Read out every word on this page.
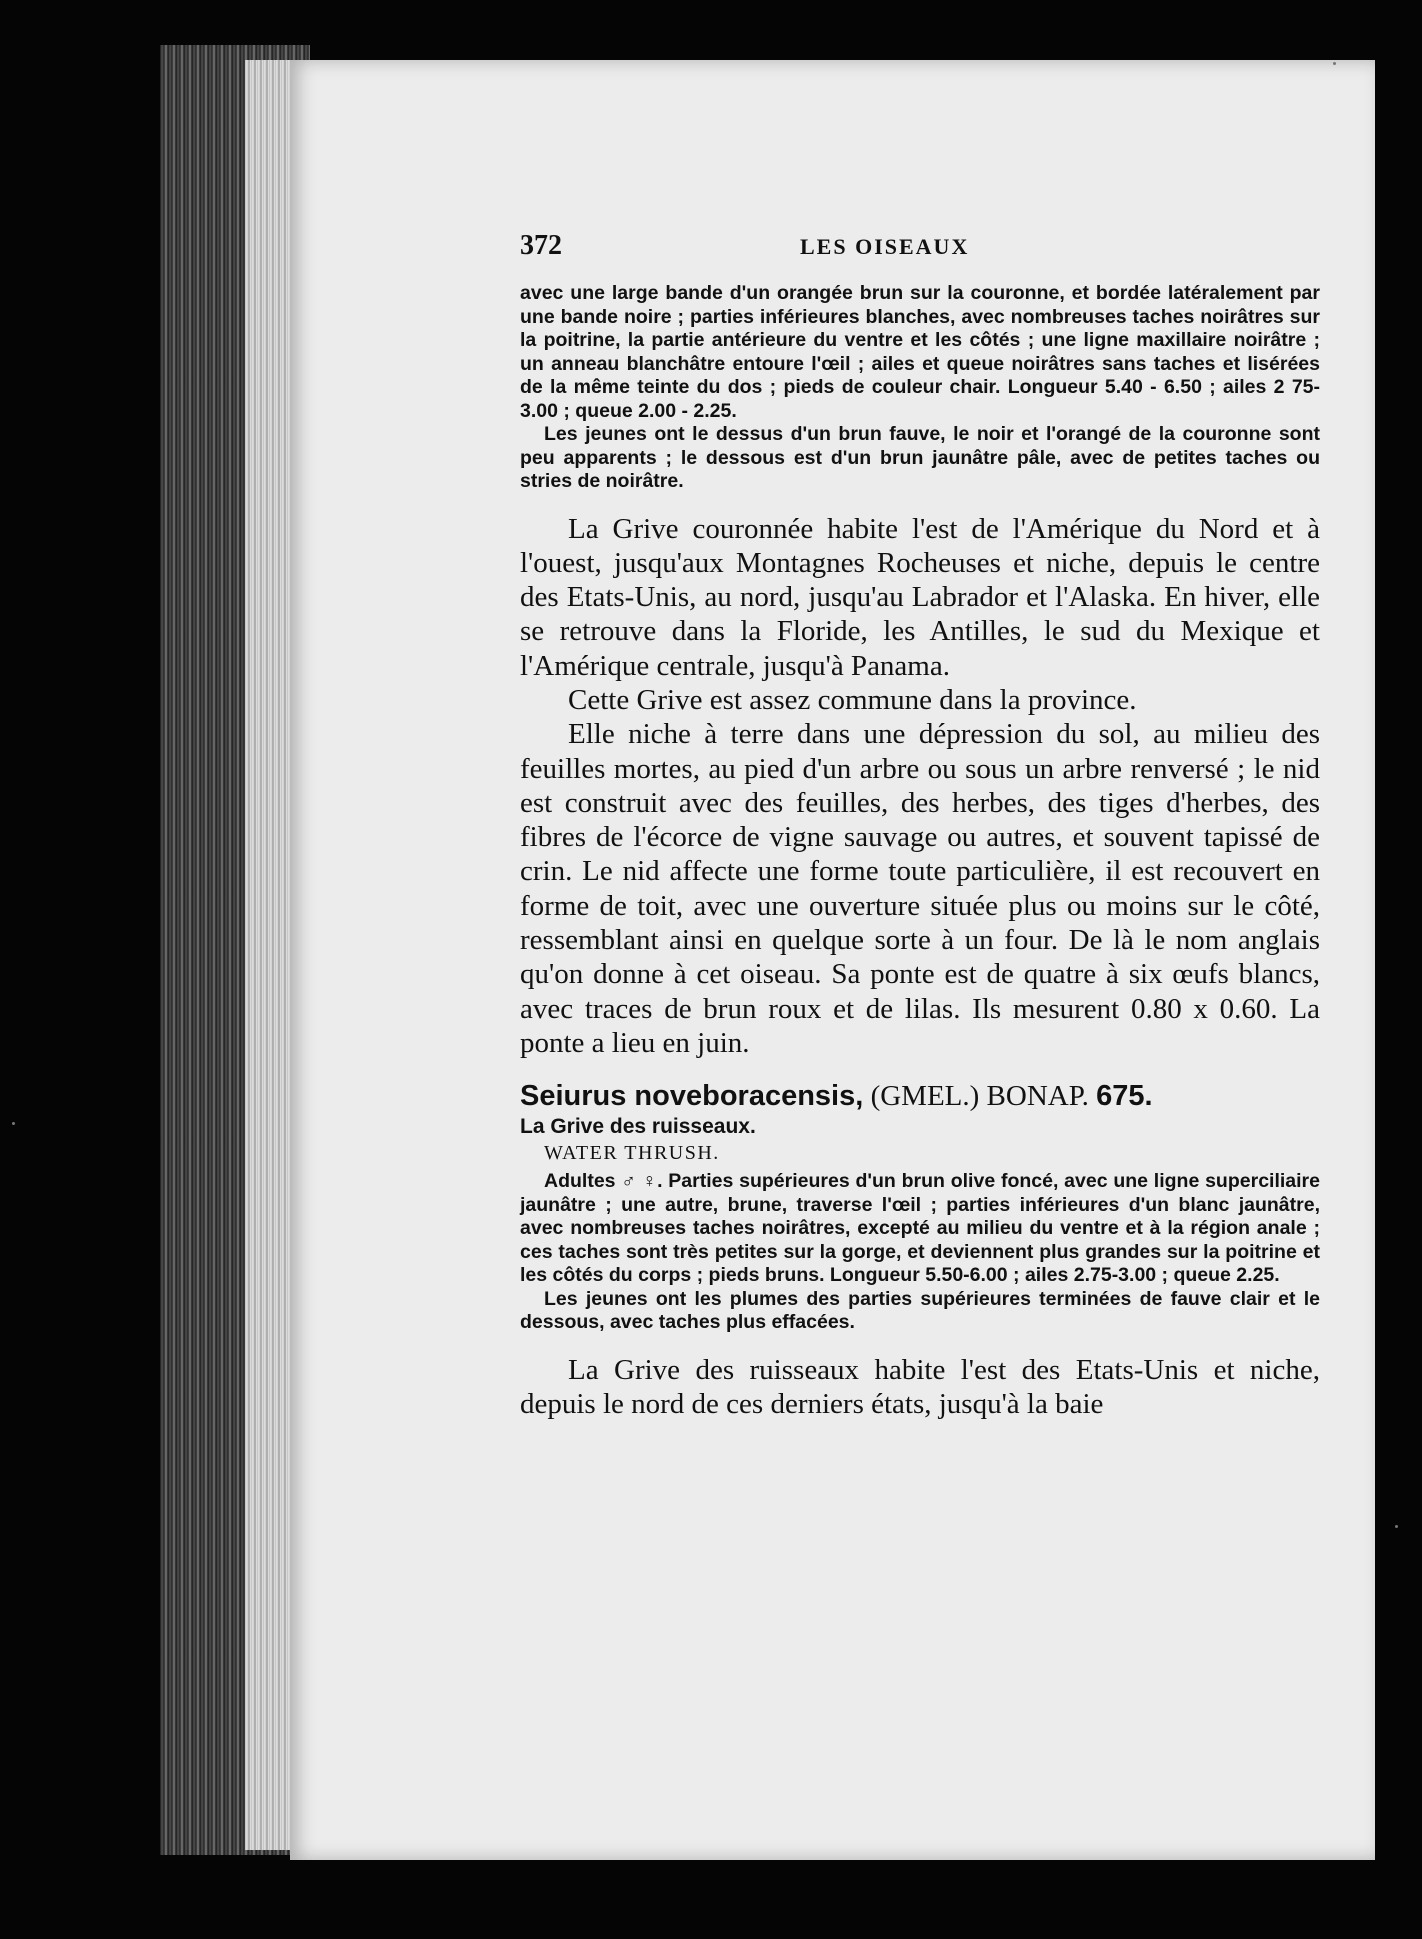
372	LES OISEAUX

avec une large bande d'un orangée brun sur la couronne, et bordée latéralement par une bande noire ; parties inférieures blanches, avec nombreuses taches noirâtres sur la poitrine, la partie antérieure du ventre et les côtés ; une ligne maxillaire noirâtre ; un anneau blanchâtre entoure l'œil ; ailes et queue noirâtres sans taches et lisérées de la même teinte du dos ; pieds de couleur chair. Longueur 5.40 - 6.50 ; ailes 2 75-3.00 ; queue 2.00 - 2.25.

Les jeunes ont le dessus d'un brun fauve, le noir et l'orangé de la couronne sont peu apparents ; le dessous est d'un brun jaunâtre pâle, avec de petites taches ou stries de noirâtre.

La Grive couronnée habite l'est de l'Amérique du Nord et à l'ouest, jusqu'aux Montagnes Rocheuses et niche, depuis le centre des Etats-Unis, au nord, jusqu'au Labrador et l'Alaska. En hiver, elle se retrouve dans la Floride, les Antilles, le sud du Mexique et l'Amérique centrale, jusqu'à Panama.

Cette Grive est assez commune dans la province.

Elle niche à terre dans une dépression du sol, au milieu des feuilles mortes, au pied d'un arbre ou sous un arbre renversé ; le nid est construit avec des feuilles, des herbes, des tiges d'herbes, des fibres de l'écorce de vigne sauvage ou autres, et souvent tapissé de crin. Le nid affecte une forme toute particulière, il est recouvert en forme de toit, avec une ouverture située plus ou moins sur le côté, ressemblant ainsi en quelque sorte à un four. De là le nom anglais qu'on donne à cet oiseau. Sa ponte est de quatre à six œufs blancs, avec traces de brun roux et de lilas. Ils mesurent 0.80 x 0.60. La ponte a lieu en juin.

Seiurus noveboracensis, (GMEL.) BONAP. 675.

La Grive des ruisseaux.

WATER THRUSH.

Adultes ♂ ♀. Parties supérieures d'un brun olive foncé, avec une ligne superciliaire jaunâtre ; une autre, brune, traverse l'œil ; parties inférieures d'un blanc jaunâtre, avec nombreuses taches noirâtres, excepté au milieu du ventre et à la région anale ; ces taches sont très petites sur la gorge, et deviennent plus grandes sur la poitrine et les côtés du corps ; pieds bruns. Longueur 5.50-6.00 ; ailes 2.75-3.00 ; queue 2.25.

Les jeunes ont les plumes des parties supérieures terminées de fauve clair et le dessous, avec taches plus effacées.

La Grive des ruisseaux habite l'est des Etats-Unis et niche, depuis le nord de ces derniers états, jusqu'à la baie
